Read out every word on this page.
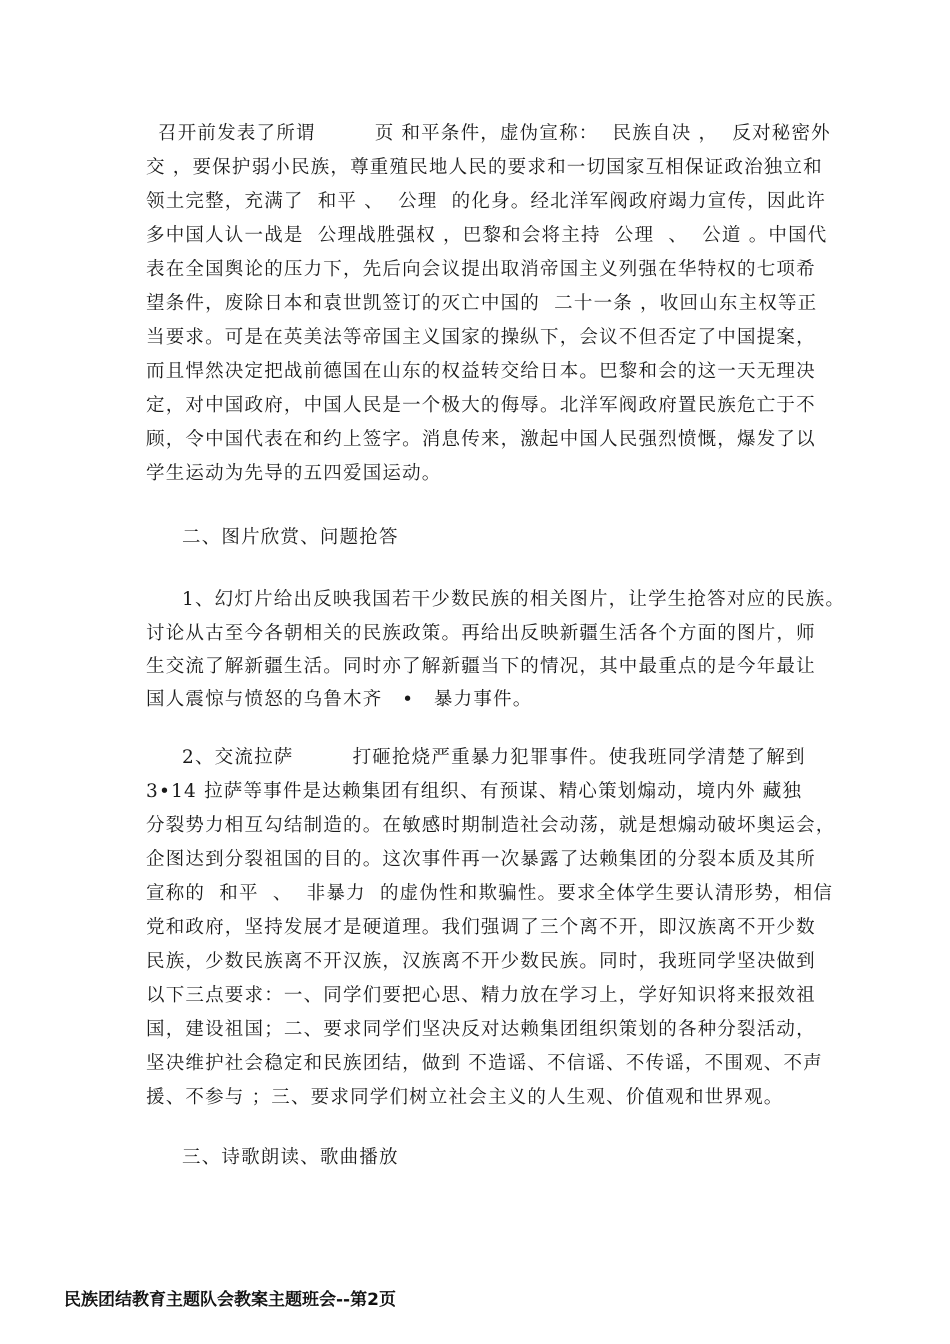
召开前发表了所谓　　　页 和平条件，虚伪宣称：  民族自决 ，  反对秘密外
交 ，要保护弱小民族，尊重殖民地人民的要求和一切国家互相保证政治独立和
领土完整，充满了  和平 、  公理  的化身。经北洋军阀政府竭力宣传，因此许
多中国人认一战是  公理战胜强权 ，巴黎和会将主持  公理  、  公道 。中国代
表在全国舆论的压力下，先后向会议提出取消帝国主义列强在华特权的七项希
望条件，废除日本和袁世凯签订的灭亡中国的  二十一条 ，收回山东主权等正
当要求。可是在英美法等帝国主义国家的操纵下，会议不但否定了中国提案，
而且悍然决定把战前德国在山东的权益转交给日本。巴黎和会的这一天无理决
定，对中国政府，中国人民是一个极大的侮辱。北洋军阀政府置民族危亡于不
顾，令中国代表在和约上签字。消息传来，激起中国人民强烈愤慨，爆发了以
学生运动为先导的五四爱国运动。
二、图片欣赏、问题抢答
1、幻灯片给出反映我国若干少数民族的相关图片，让学生抢答对应的民族。
讨论从古至今各朝相关的民族政策。再给出反映新疆生活各个方面的图片，师
生交流了解新疆生活。同时亦了解新疆当下的情况，其中最重点的是今年最让
国人震惊与愤怒的乌鲁木齐　•　暴力事件。
2、交流拉萨　　　打砸抢烧严重暴力犯罪事件。使我班同学清楚了解到
3•14 拉萨等事件是达赖集团有组织、有预谋、精心策划煽动，境内外 藏独
分裂势力相互勾结制造的。在敏感时期制造社会动荡，就是想煽动破坏奥运会，
企图达到分裂祖国的目的。这次事件再一次暴露了达赖集团的分裂本质及其所
宣称的  和平  、  非暴力  的虚伪性和欺骗性。要求全体学生要认清形势，相信
党和政府，坚持发展才是硬道理。我们强调了三个离不开，即汉族离不开少数
民族，少数民族离不开汉族，汉族离不开少数民族。同时，我班同学坚决做到
以下三点要求：一、同学们要把心思、精力放在学习上，学好知识将来报效祖
国，建设祖国；二、要求同学们坚决反对达赖集团组织策划的各种分裂活动，
坚决维护社会稳定和民族团结，做到 不造谣、不信谣、不传谣，不围观、不声
援、不参与 ；三、要求同学们树立社会主义的人生观、价值观和世界观。
三、诗歌朗读、歌曲播放
民族团结教育主题队会教案主题班会--第2页
